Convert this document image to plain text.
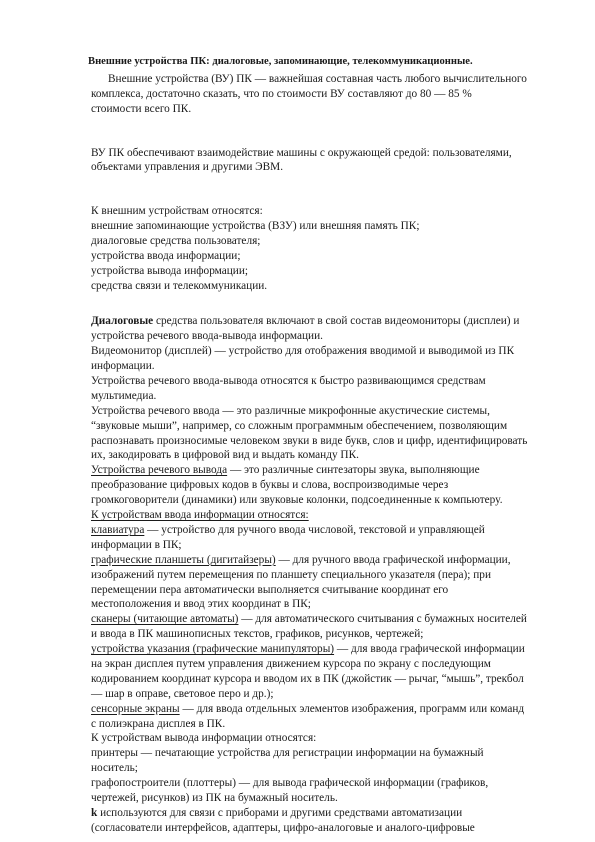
Внешние устройства ПК: диалоговые, запоминающие, телекоммуникационные.
Внешние устройства (ВУ) ПК — важнейшая составная часть любого вычислительного
комплекса, достаточно сказать, что по стоимости ВУ составляют до 80 — 85 %
стоимости всего ПК.
ВУ ПК обеспечивают взаимодействие машины с окружающей средой: пользователями,
объектами управления и другими ЭВМ.
К внешним устройствам относятся:
внешние запоминающие устройства (ВЗУ) или внешняя память ПК;
диалоговые средства пользователя;
устройства ввода информации;
устройства вывода информации;
средства связи и телекоммуникации.
Диалоговые средства пользователя включают в свой состав видеомониторы (дисплеи) и
устройства речевого ввода-вывода информации.
Видеомонитор (дисплей) — устройство для отображения вводимой и выводимой из ПК
информации.
Устройства речевого ввода-вывода относятся к быстро развивающимся средствам
мультимедиа.
Устройства речевого ввода — это различные микрофонные акустические системы,
“звуковые мыши”, например, со сложным программным обеспечением, позволяющим
распознавать произносимые человеком звуки в виде букв, слов и цифр, идентифицировать
их, закодировать в цифровой вид и выдать команду ПК.
Устройства речевого вывода — это различные синтезаторы звука, выполняющие
преобразование цифровых кодов в буквы и слова, воспроизводимые через
громкоговорители (динамики) или звуковые колонки, подсоединенные к компьютеру.
К устройствам ввода информации относятся:
клавиатура — устройство для ручного ввода числовой, текстовой и управляющей
информации в ПК;
графические планшеты (дигитайзеры) — для ручного ввода графической информации,
изображений путем перемещения по планшету специального указателя (пера); при
перемещении пера автоматически выполняется считывание координат его
местоположения и ввод этих координат в ПК;
сканеры (читающие автоматы) — для автоматического считывания с бумажных носителей
и ввода в ПК машинописных текстов, графиков, рисунков, чертежей;
устройства указания (графические манипуляторы) — для ввода графической информации
на экран дисплея путем управления движением курсора по экрану с последующим
кодированием координат курсора и вводом их в ПК (джойстик — рычаг, “мышь”, трекбол
— шар в оправе, световое перо и др.);
сенсорные экраны — для ввода отдельных элементов изображения, программ или команд
с полиэкрана дисплея в ПК.
К устройствам вывода информации относятся:
принтеры — печатающие устройства для регистрации информации на бумажный
носитель;
графопостроители (плоттеры) — для вывода графической информации (графиков,
чертежей, рисунков) из ПК на бумажный носитель.
k используются для связи с приборами и другими средствами автоматизации
(согласователи интерфейсов, адаптеры, цифро-аналоговые и аналого-цифровые
